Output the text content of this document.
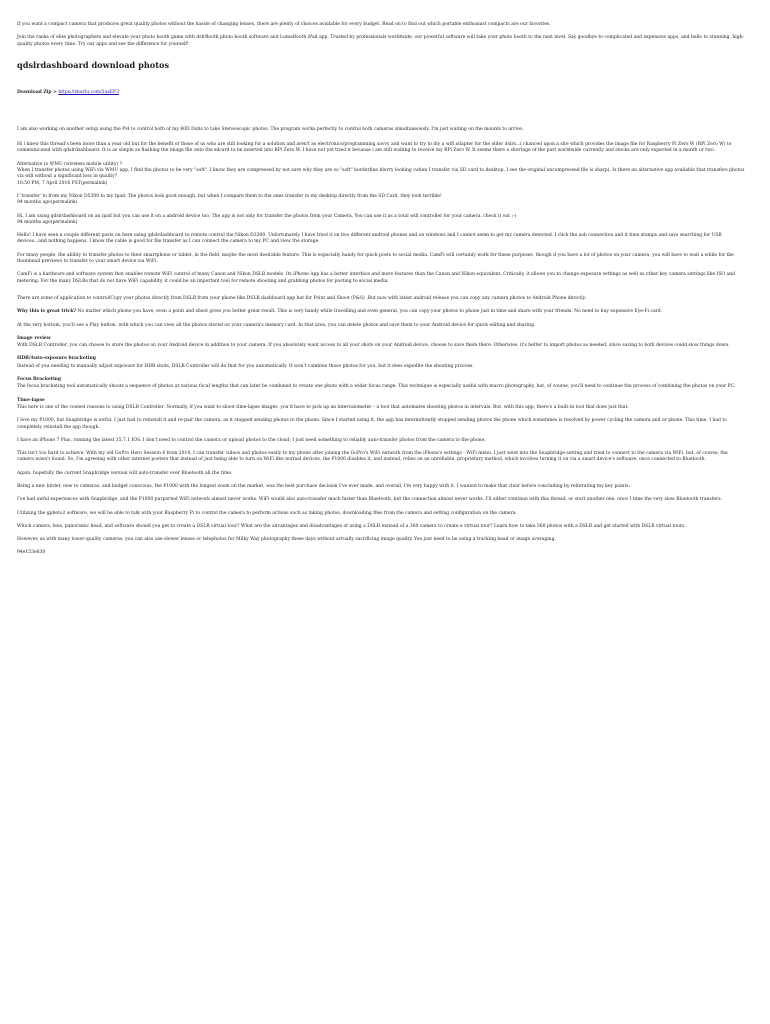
If you want a compact camera that produces great quality photos without the hassle of changing lenses, there are plenty of choices available for every budget. Read on to find out which portable enthusiast compacts are our favorites.

Join the ranks of elite photographers and elevate your photo booth game with dslrBooth photo booth software and LumaBooth iPad app. Trusted by professionals worldwide, our powerful software will take your photo booth to the next level. Say goodbye to complicated and expensive apps, and hello to stunning, high-quality photos every time. Try our apps and see the difference for yourself!

qdslrdashboard download photos
Download Zip > https://shurlu.com/2uzEF3

I am also working on another setup using the Pi4 to control both of my 60D Duhs to take Stereoscopic photos. The program works perfectly to control both cameras simultaneously. I'm just waiting on the mounts to arrive.

Hi i knew this thread's been more than a year old but for the benefit of those of us who are still looking for a solution and aren't as electronics/programming savvy and want to try to diy a wifi adapter for the older dslrs...i chanced upon a site which provides the image file for Raspberry Pi Zero W (RPi Zero W) to communicated with qdslrdashboard. It is as simple as flashing the image file onto the sdcard to be inserted into RPi Zero W. I have not yet tried it because i am still waiting to receive my RPi Zero W. It seems there a shortage of the part worldwide currently and stocks are only expected in a month or two.

Alternative to WMU (wireless mobile utility) ?
When I transfer photos using WiFi via WMU app, I find the photos to be very "soft". I know they are compressed by not sure why they are so "soft" borderline blurry looking (when I transfer via SD card to desktop, I see the original uncompressed file is sharp). Is there an alternative app available that transfers photos via wifi without a significant loss in quality?
10:50 PM, 7 April 2016 PST(permalink)

I 'transfer' to from my Nikon D5300 to my Ipad. The photos look good enough, but when I compare them to the ones transfer to my desktop directly from the SD Card, they look terrible!
94 months ago(permalink)

Hi. I am using qdslrdashboard on an ipad but you can use it on a android device too. The app is not only for transfer the photos from your Camera. You can use it as a total wifi controller for your camera. check it out :-)
94 months ago(permalink)

Hello! I have seen a couple different posts on here using qdslrdashboard to remote control the Nikon D3300. Unfortunately I have tried it on two different android phones and on windows and I cannot seem to get my camera detected. I click the usb connection and it time stamps and says searching for USB devices...and nothing happens. I know the cable is good for file transfer as I can connect the camera to my PC and view the storage.

For many people, the ability to transfer photos to their smartphone or tablet, in the field, maybe the most desirable feature. This is especially handy for quick posts to social media. CamFi will certainly work for these purposes, though if you have a lot of photos on your camera, you will have to wait a while for the thumbnail previews to transfer to your smart device via WiFi.

CamFi is a hardware and software system that enables remote WiFi control of many Canon and Nikon DSLR models. Its iPhone App has a better interface and more features than the Canon and Nikon equivalent. Critically, it allows you to change exposure settings as well as other key camera settings like ISO and metering. For the many DSLRs that do not have WiFi capability, it could be an important tool for remote shooting and grabbing photos for posting to social media.

There are some of application to control/Copy your photos directly from DSLR from your phone like DSLR dashboard app but for Point and Shoot (P&S) .But now with latest android release you can copy any camera photos to Android Phone directly.

Why this is great trick? No matter which phone you have, even a point and shoot gives you better great result. This is very handy while travelling and even general, you can copy your photos to phone just in time and share with your friends. No need to buy expensive Eye-Fi card.

At the very bottom, you'll see a Play button, with which you can view all the photos stored on your camera's memory card. In that area, you can delete photos and save them to your Android device for quick editing and sharing.

Image review
With DSLR Controller, you can choose to store the photos on your Android device in addition to your camera. If you absolutely want access to all your shots on your Android device, choose to save them there. Otherwise, it's better to import photos as needed, since saving to both devices could slow things down.

HDR/Auto-exposure bracketing
Instead of you needing to manually adjust exposure for HDR shots, DSLR Controller will do that for you automatically. It won't combine those photos for you, but it does expedite the shooting process.

Focus Bracketing
The focus bracketing tool automatically shoots a sequence of photos at various focal lengths that can later be combined to create one photo with a wider focus range. This technique is especially useful with macro photography, but, of course, you'll need to continue the process of combining the photos on your PC.

Time-lapse
This here is one of the coolest reasons to using DSLR Controller. Normally, if you want to shoot time-lapse images, you'd have to pick up an intervalometer – a tool that automates shooting photos in intervals. But, with this app, there's a built-in tool that does just that.

I love my P1000, but Snapbridge is awful. I just had to reinstall it and re-pair the camera, as it stopped sending photos to the phone. Since I started using it, the app has intermittently stopped sending photos the phone which sometimes is resolved by power cycling the camera and or phone. This time, I had to completely reinstall the app though.

I have an iPhone 7 Plus, running the latest 15.7.1 IOS. I don't need to control the camera or upload photos to the cloud; I just need something to reliably auto-transfer photos from the camera to the phone.

This isn't too hard to achieve. With my old GoPro Hero Session 4 from 2014, I can transfer videos and photos easily to my phone after joining the GoPro's WiFi network from the iPhone's settings - WiFi menu. I just went into the Snapbridge setting and tried to connect to the camera via WiFi, but, of course, the camera wasn't found. So, I'm agreeing with other internet posters that instead of just being able to turn on WiFi like normal devices, the P1000 disables it, and instead, relies on an unreliable, proprietary method, which involves turning it on via a smart device's software, once connected to Bluetooth.

Again, hopefully the current Snapbridge version will auto-transfer over Bluetooth all the time.

Being a new birder, new to cameras, and budget conscious, the P1000 with the longest zoom on the market, was the best purchase decision I've ever made, and overall, I'm very happy with it. I wanted to make that clear before concluding by reiterating my key points:

I've had awful experiences with Snapbridge, and the P1000 purported WiFi network almost never works. WiFi would also auto-transfer much faster than Bluetooth, but the connection almost never works. I'll either continue with this thread, or start another one, once I time the very slow Bluetooth transfers.

Utilizing the gphoto2 software, we will be able to talk with your Raspberry Pi to control the camera to perform actions such as taking photos, downloading files from the camera and setting configuration on the camera.

Which camera, lens, panoramic head, and software should you get to create a DSLR virtual tour? What are the advantages and disadvantages of using a DSLR instead of a 360 camera to create a virtual tour? Learn how to take 360 photos with a DSLR and get started with DSLR virtual tours.

However, as with many lower-quality cameras, you can also use slower lenses or telephotos for Milky Way photography these days without actually sacrificing image quality. You just need to be using a tracking head or image averaging.

94e153e030
